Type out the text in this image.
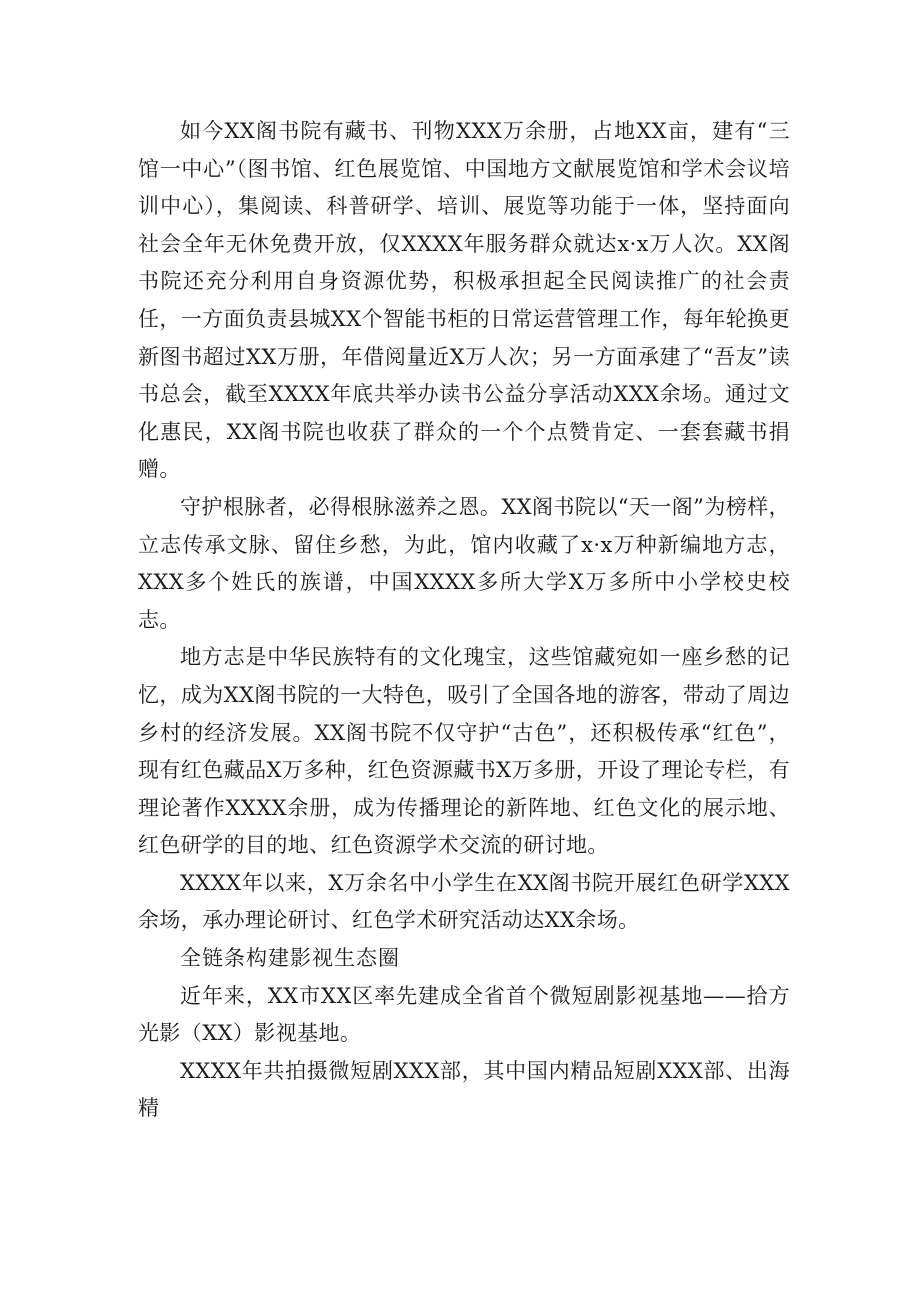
如今XX阁书院有藏书、刊物XXX万余册，占地XX亩，建有“三馆一中心”（图书馆、红色展览馆、中国地方文献展览馆和学术会议培训中心），集阅读、科普研学、培训、展览等功能于一体，坚持面向社会全年无休免费开放，仅XXXX年服务群众就达x·x万人次。XX阁书院还充分利用自身资源优势，积极承担起全民阅读推广的社会责任，一方面负责县城XX个智能书柜的日常运营管理工作，每年轮换更新图书超过XX万册，年借阅量近X万人次；另一方面承建了“吾友”读书总会，截至XXXX年底共举办读书公益分享活动XXX余场。通过文化惠民，XX阁书院也收获了群众的一个个点赞肯定、一套套藏书捐赠。

守护根脉者，必得根脉滋养之恩。XX阁书院以“天一阁”为榜样，立志传承文脉、留住乡愁，为此，馆内收藏了x·x万种新编地方志，XXX多个姓氏的族谱，中国XXXX多所大学X万多所中小学校史校志。

地方志是中华民族特有的文化瑰宝，这些馆藏宛如一座乡愁的记忆，成为XX阁书院的一大特色，吸引了全国各地的游客，带动了周边乡村的经济发展。XX阁书院不仅守护“古色”，还积极传承“红色”，现有红色藏品X万多种，红色资源藏书X万多册，开设了理论专栏，有理论著作XXXX余册，成为传播理论的新阵地、红色文化的展示地、红色研学的目的地、红色资源学术交流的研讨地。

XXXX年以来，X万余名中小学生在XX阁书院开展红色研学XXX余场，承办理论研讨、红色学术研究活动达XX余场。

全链条构建影视生态圈

近年来，XX市XX区率先建成全省首个微短剧影视基地——拾方光影（XX）影视基地。

XXXX年共拍摄微短剧XXX部，其中国内精品短剧XXX部、出海精
